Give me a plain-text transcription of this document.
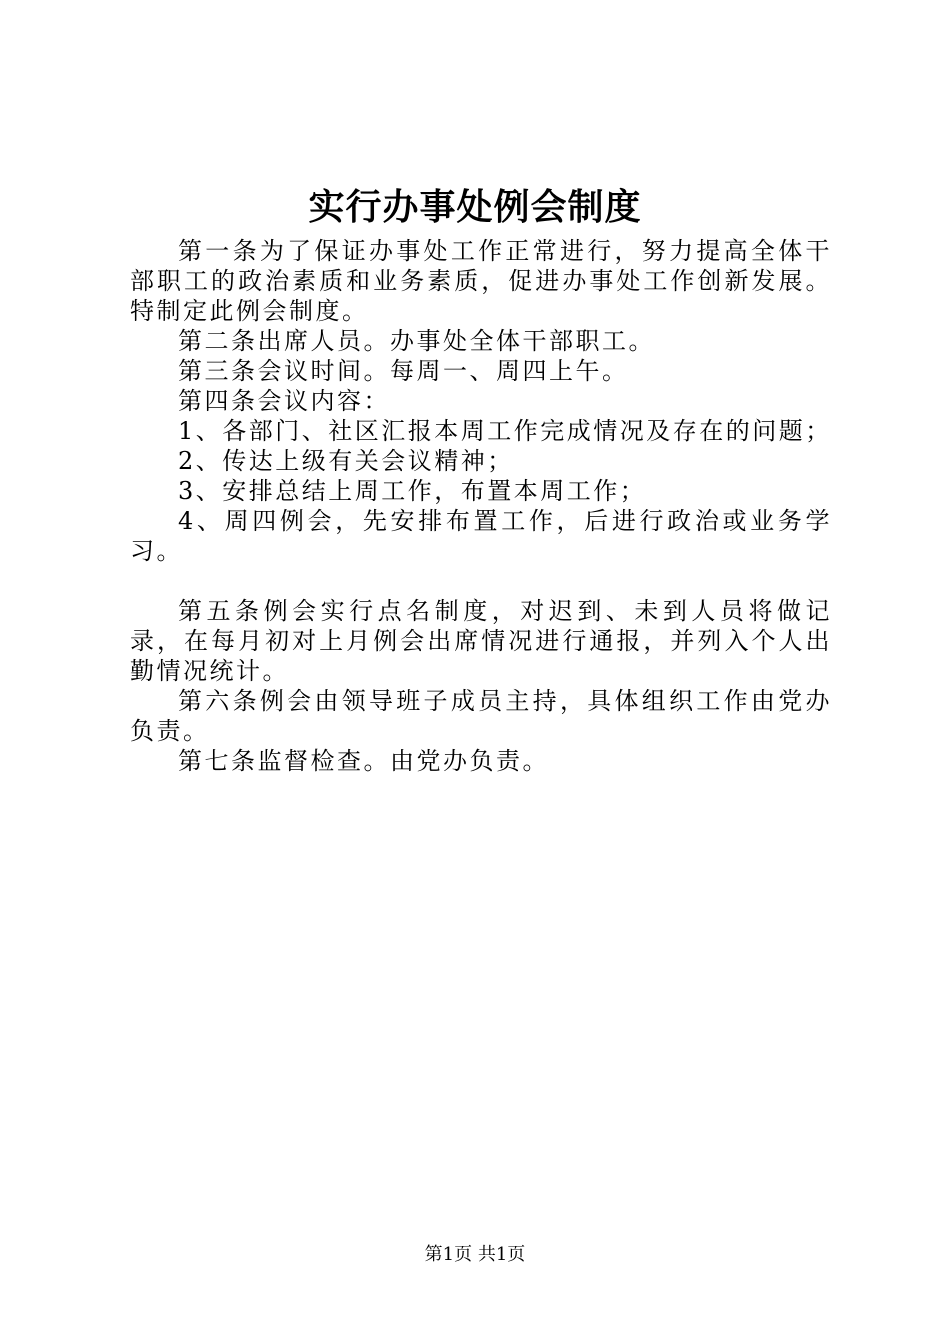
实行办事处例会制度

第一条为了保证办事处工作正常进行，努力提高全体干部职工的政治素质和业务素质，促进办事处工作创新发展。特制定此例会制度。

第二条出席人员。办事处全体干部职工。

第三条会议时间。每周一、周四上午。

第四条会议内容：

1、各部门、社区汇报本周工作完成情况及存在的问题；

2、传达上级有关会议精神；

3、安排总结上周工作，布置本周工作；

4、周四例会，先安排布置工作，后进行政治或业务学习。

第五条例会实行点名制度，对迟到、未到人员将做记录，在每月初对上月例会出席情况进行通报，并列入个人出勤情况统计。

第六条例会由领导班子成员主持，具体组织工作由党办负责。

第七条监督检查。由党办负责。

第1页 共1页
